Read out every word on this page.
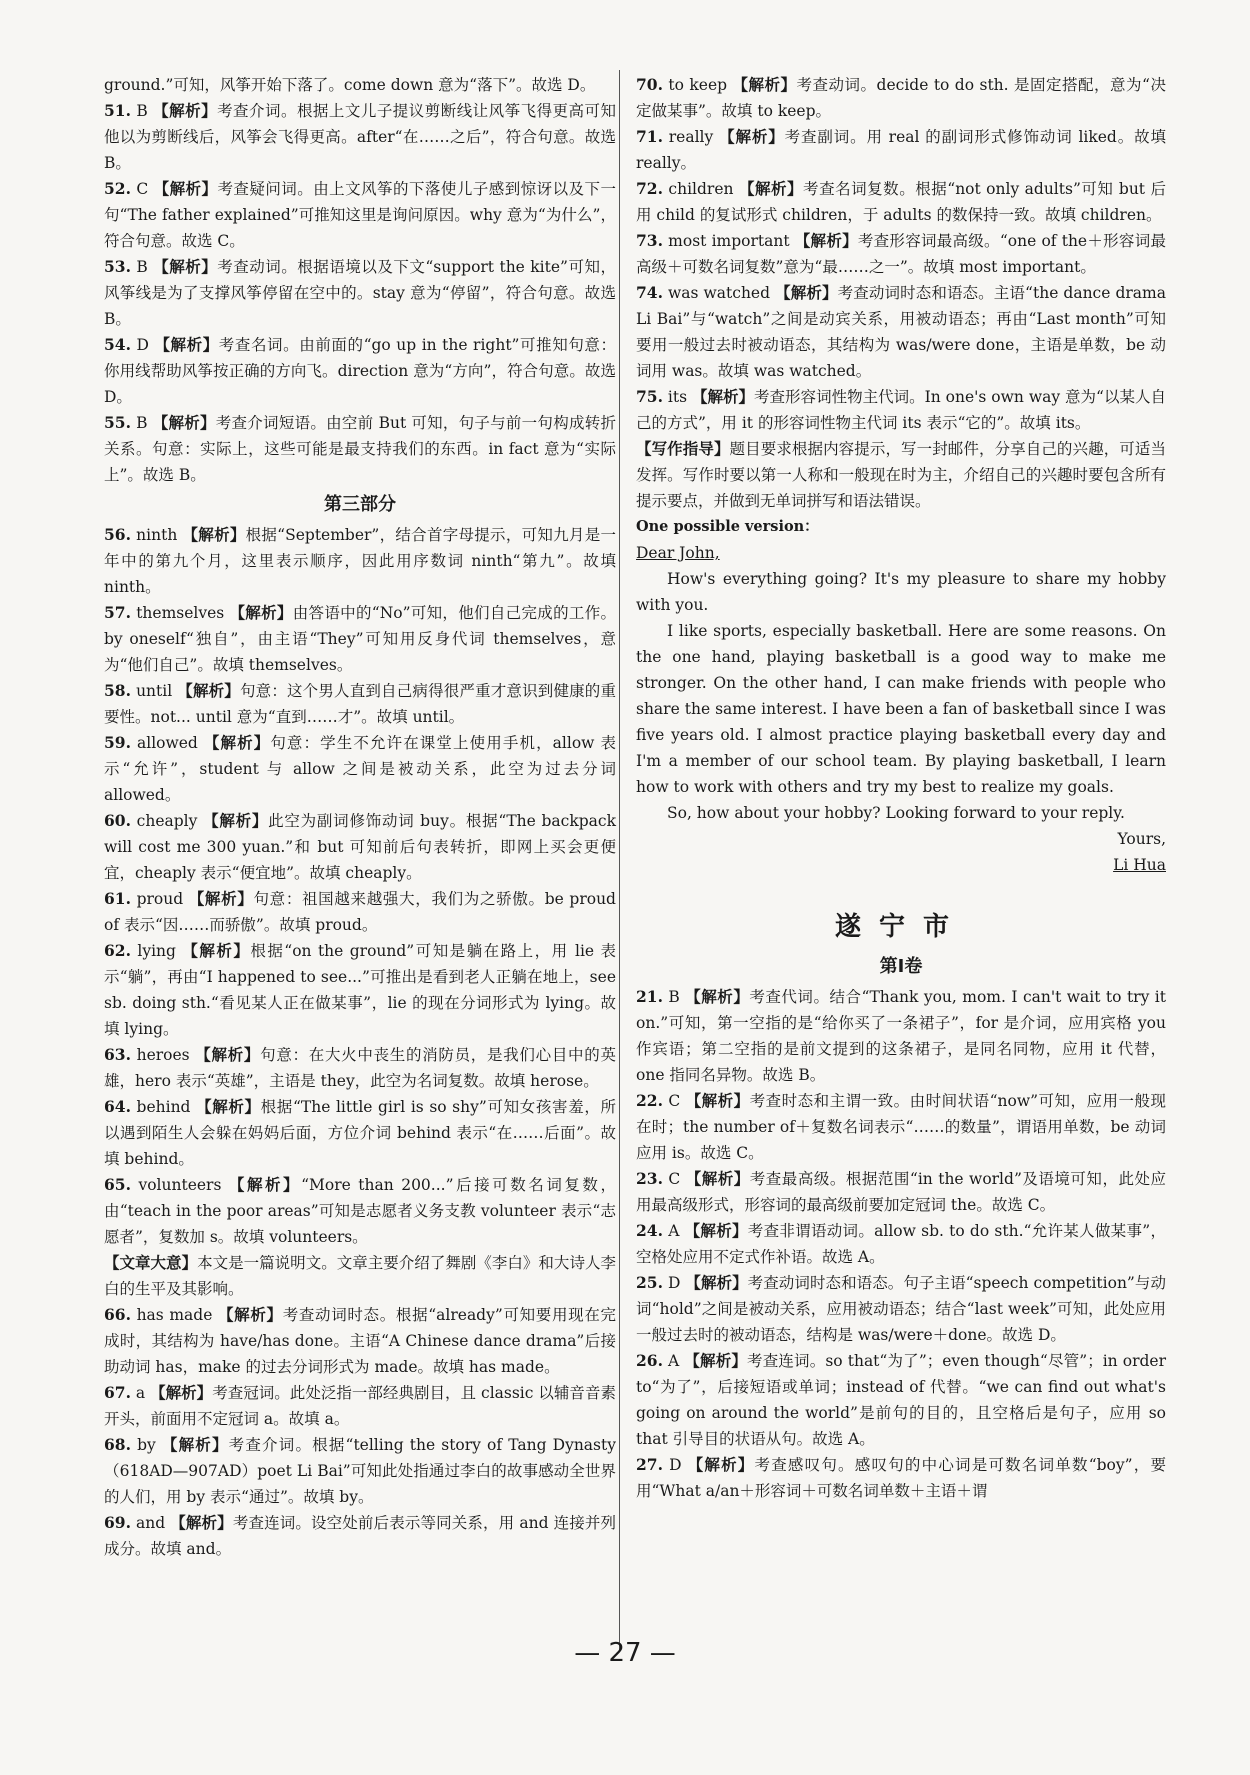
ground.”可知，风筝开始下落了。come down 意为“落下”。故选 D。

51. B 【解析】考查介词。根据上文儿子提议剪断线让风筝飞得更高可知他以为剪断线后，风筝会飞得更高。after“在……之后”，符合句意。故选 B。

52. C 【解析】考查疑问词。由上文风筝的下落使儿子感到惊讶以及下一句“The father explained”可推知这里是询问原因。why 意为“为什么”，符合句意。故选 C。

53. B 【解析】考查动词。根据语境以及下文“support the kite”可知，风筝线是为了支撑风筝停留在空中的。stay 意为“停留”，符合句意。故选 B。

54. D 【解析】考查名词。由前面的“go up in the right”可推知句意：你用线帮助风筝按正确的方向飞。direction 意为“方向”，符合句意。故选 D。

55. B 【解析】考查介词短语。由空前 But 可知，句子与前一句构成转折关系。句意：实际上，这些可能是最支持我们的东西。in fact 意为“实际上”。故选 B。

第三部分

56. ninth 【解析】根据“September”，结合首字母提示，可知九月是一年中的第九个月，这里表示顺序，因此用序数词 ninth“第九”。故填 ninth。

57. themselves 【解析】由答语中的“No”可知，他们自己完成的工作。by oneself“独自”，由主语“They”可知用反身代词 themselves，意为“他们自己”。故填 themselves。

58. until 【解析】句意：这个男人直到自己病得很严重才意识到健康的重要性。not... until 意为“直到……才”。故填 until。

59. allowed 【解析】句意：学生不允许在课堂上使用手机，allow 表示“允许”，student 与 allow 之间是被动关系，此空为过去分词 allowed。

60. cheaply 【解析】此空为副词修饰动词 buy。根据“The backpack will cost me 300 yuan.”和 but 可知前后句表转折，即网上买会更便宜，cheaply 表示“便宜地”。故填 cheaply。

61. proud 【解析】句意：祖国越来越强大，我们为之骄傲。be proud of 表示“因……而骄傲”。故填 proud。

62. lying 【解析】根据“on the ground”可知是躺在路上，用 lie 表示“躺”，再由“I happened to see...”可推出是看到老人正躺在地上，see sb. doing sth.“看见某人正在做某事”，lie 的现在分词形式为 lying。故填 lying。

63. heroes 【解析】句意：在大火中丧生的消防员，是我们心目中的英雄，hero 表示“英雄”，主语是 they，此空为名词复数。故填 herose。

64. behind 【解析】根据“The little girl is so shy”可知女孩害羞，所以遇到陌生人会躲在妈妈后面，方位介词 behind 表示“在……后面”。故填 behind。

65. volunteers 【解析】“More than 200...”后接可数名词复数，由“teach in the poor areas”可知是志愿者义务支教 volunteer 表示“志愿者”，复数加 s。故填 volunteers。

【文章大意】本文是一篇说明文。文章主要介绍了舞剧《李白》和大诗人李白的生平及其影响。

66. has made 【解析】考查动词时态。根据“already”可知要用现在完成时，其结构为 have/has done。主语“A Chinese dance drama”后接助动词 has，make 的过去分词形式为 made。故填 has made。

67. a 【解析】考查冠词。此处泛指一部经典剧目，且 classic 以辅音音素开头，前面用不定冠词 a。故填 a。

68. by 【解析】考查介词。根据“telling the story of Tang Dynasty（618AD—907AD）poet Li Bai”可知此处指通过李白的故事感动全世界的人们，用 by 表示“通过”。故填 by。

69. and 【解析】考查连词。设空处前后表示等同关系，用 and 连接并列成分。故填 and。

70. to keep 【解析】考查动词。decide to do sth. 是固定搭配，意为“决定做某事”。故填 to keep。

71. really 【解析】考查副词。用 real 的副词形式修饰动词 liked。故填 really。

72. children 【解析】考查名词复数。根据“not only adults”可知 but 后用 child 的复试形式 children，于 adults 的数保持一致。故填 children。

73. most important 【解析】考查形容词最高级。“one of the＋形容词最高级＋可数名词复数”意为“最……之一”。故填 most important。

74. was watched 【解析】考查动词时态和语态。主语“the dance drama Li Bai”与“watch”之间是动宾关系，用被动语态；再由“Last month”可知要用一般过去时被动语态，其结构为 was/were done，主语是单数，be 动词用 was。故填 was watched。

75. its 【解析】考查形容词性物主代词。In one's own way 意为“以某人自己的方式”，用 it 的形容词性物主代词 its 表示“它的”。故填 its。

【写作指导】题目要求根据内容提示，写一封邮件，分享自己的兴趣，可适当发挥。写作时要以第一人称和一般现在时为主，介绍自己的兴趣时要包含所有提示要点，并做到无单词拼写和语法错误。

One possible version：

Dear John,

How's everything going? It's my pleasure to share my hobby with you.

I like sports, especially basketball. Here are some reasons. On the one hand, playing basketball is a good way to make me stronger. On the other hand, I can make friends with people who share the same interest. I have been a fan of basketball since I was five years old. I almost practice playing basketball every day and I'm a member of our school team. By playing basketball, I learn how to work with others and try my best to realize my goals.

So, how about your hobby? Looking forward to your reply.

Yours,

Li Hua

遂宁市
第Ⅰ卷

21. B 【解析】考查代词。结合“Thank you, mom. I can't wait to try it on.”可知，第一空指的是“给你买了一条裙子”，for 是介词，应用宾格 you 作宾语；第二空指的是前文提到的这条裙子，是同名同物，应用 it 代替，one 指同名异物。故选 B。

22. C 【解析】考查时态和主谓一致。由时间状语“now”可知，应用一般现在时；the number of＋复数名词表示“……的数量”，谓语用单数，be 动词应用 is。故选 C。

23. C 【解析】考查最高级。根据范围“in the world”及语境可知，此处应用最高级形式，形容词的最高级前要加定冠词 the。故选 C。

24. A 【解析】考查非谓语动词。allow sb. to do sth.“允许某人做某事”，空格处应用不定式作补语。故选 A。

25. D 【解析】考查动词时态和语态。句子主语“speech competition”与动词“hold”之间是被动关系，应用被动语态；结合“last week”可知，此处应用一般过去时的被动语态，结构是 was/were＋done。故选 D。

26. A 【解析】考查连词。so that“为了”；even though“尽管”；in order to“为了”，后接短语或单词；instead of 代替。“we can find out what's going on around the world”是前句的目的，且空格后是句子，应用 so that 引导目的状语从句。故选 A。

27. D 【解析】考查感叹句。感叹句的中心词是可数名词单数“boy”，要用“What a/an＋形容词＋可数名词单数＋主语＋谓

— 27 —
